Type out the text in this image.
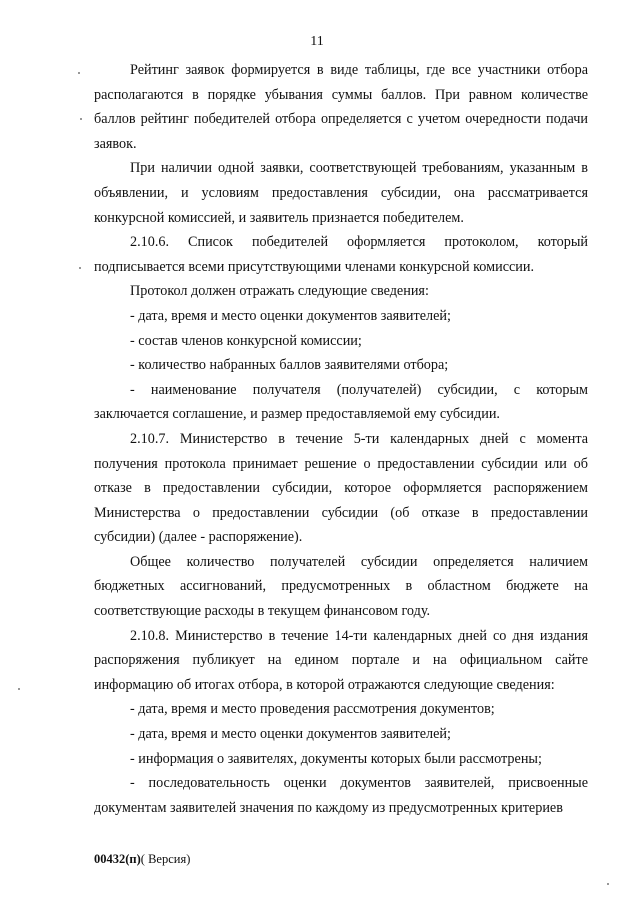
11

Рейтинг заявок формируется в виде таблицы, где все участники отбора располагаются в порядке убывания суммы баллов. При равном количестве баллов рейтинг победителей отбора определяется с учетом очередности подачи заявок.

При наличии одной заявки, соответствующей требованиям, указанным в объявлении, и условиям предоставления субсидии, она рассматривается конкурсной комиссией, и заявитель признается победителем.

2.10.6. Список победителей оформляется протоколом, который подписывается всеми присутствующими членами конкурсной комиссии.

Протокол должен отражать следующие сведения:

- дата, время и место оценки документов заявителей;

- состав членов конкурсной комиссии;

- количество набранных баллов заявителями отбора;

- наименование получателя (получателей) субсидии, с которым заключается соглашение, и размер предоставляемой ему субсидии.

2.10.7. Министерство в течение 5-ти календарных дней с момента получения протокола принимает решение о предоставлении субсидии или об отказе в предоставлении субсидии, которое оформляется распоряжением Министерства о предоставлении субсидии (об отказе в предоставлении субсидии) (далее - распоряжение).

Общее количество получателей субсидии определяется наличием бюджетных ассигнований, предусмотренных в областном бюджете на соответствующие расходы в текущем финансовом году.

2.10.8. Министерство в течение 14-ти календарных дней со дня издания распоряжения публикует на едином портале и на официальном сайте информацию об итогах отбора, в которой отражаются следующие сведения:

- дата, время и место проведения рассмотрения документов;

- дата, время и место оценки документов заявителей;

- информация о заявителях, документы которых были рассмотрены;

- последовательность оценки документов заявителей, присвоенные документам заявителей значения по каждому из предусмотренных критериев

00432(п)( Версия)
